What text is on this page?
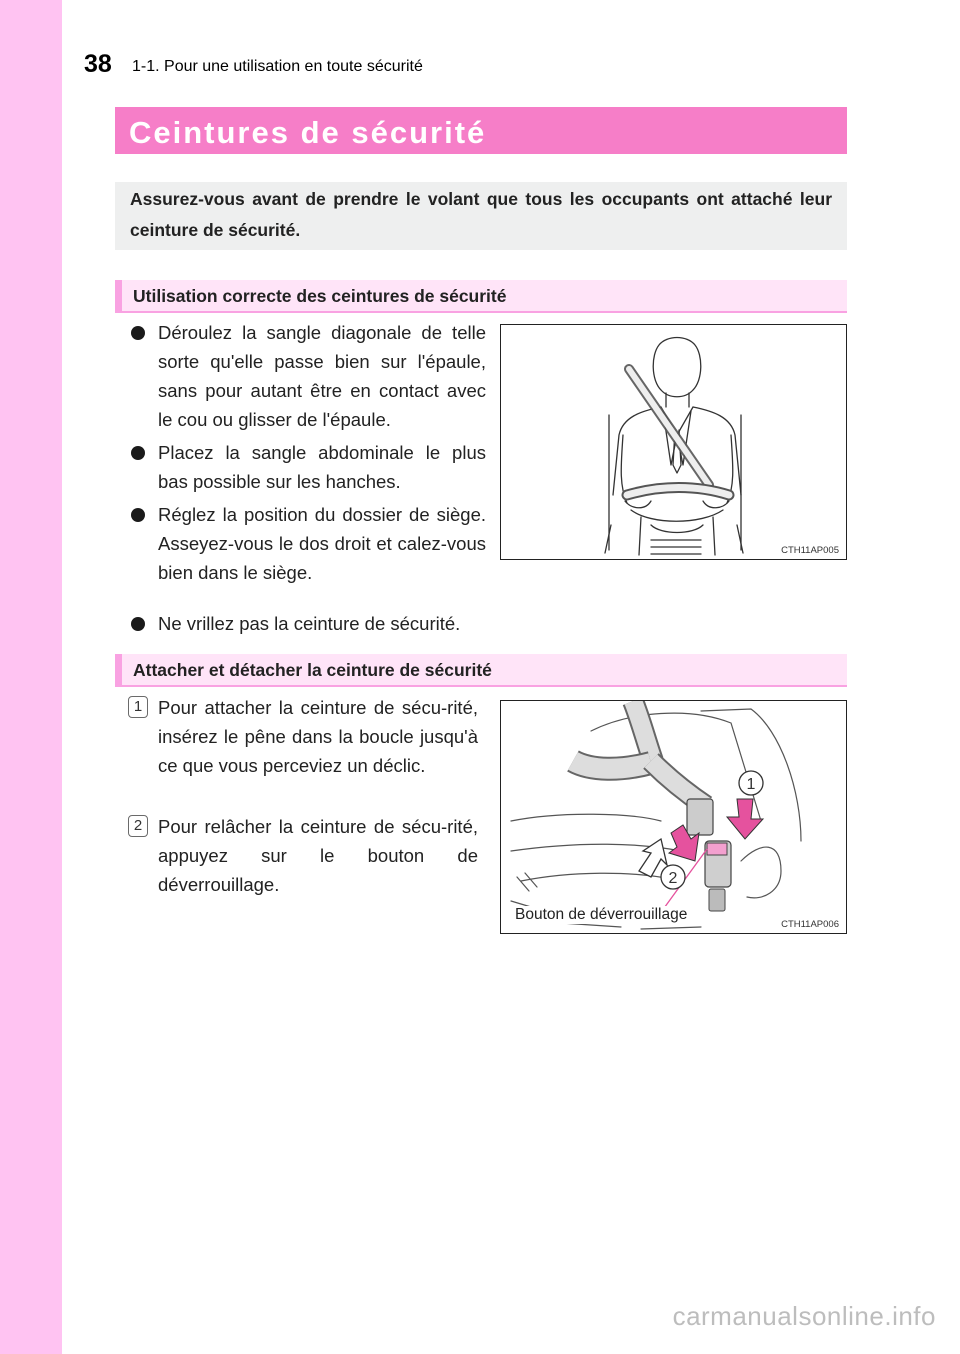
38 1-1. Pour une utilisation en toute sécurité
Ceintures de sécurité
Assurez-vous avant de prendre le volant que tous les occupants ont attaché leur ceinture de sécurité.
Utilisation correcte des ceintures de sécurité
Déroulez la sangle diagonale de telle sorte qu'elle passe bien sur l'épaule, sans pour autant être en contact avec le cou ou glisser de l'épaule.
Placez la sangle abdominale le plus bas possible sur les hanches.
Réglez la position du dossier de siège. Asseyez-vous le dos droit et calez-vous bien dans le siège.
Ne vrillez pas la ceinture de sécurité.
CTH11AP005
Attacher et détacher la ceinture de sécurité
1 Pour attacher la ceinture de sécu-rité, insérez le pêne dans la boucle jusqu'à ce que vous perceviez un déclic.
2 Pour relâcher la ceinture de sécu-rité, appuyez sur le bouton de déverrouillage.
1
2
Bouton de déverrouillage
CTH11AP006
carmanualsonline.info
